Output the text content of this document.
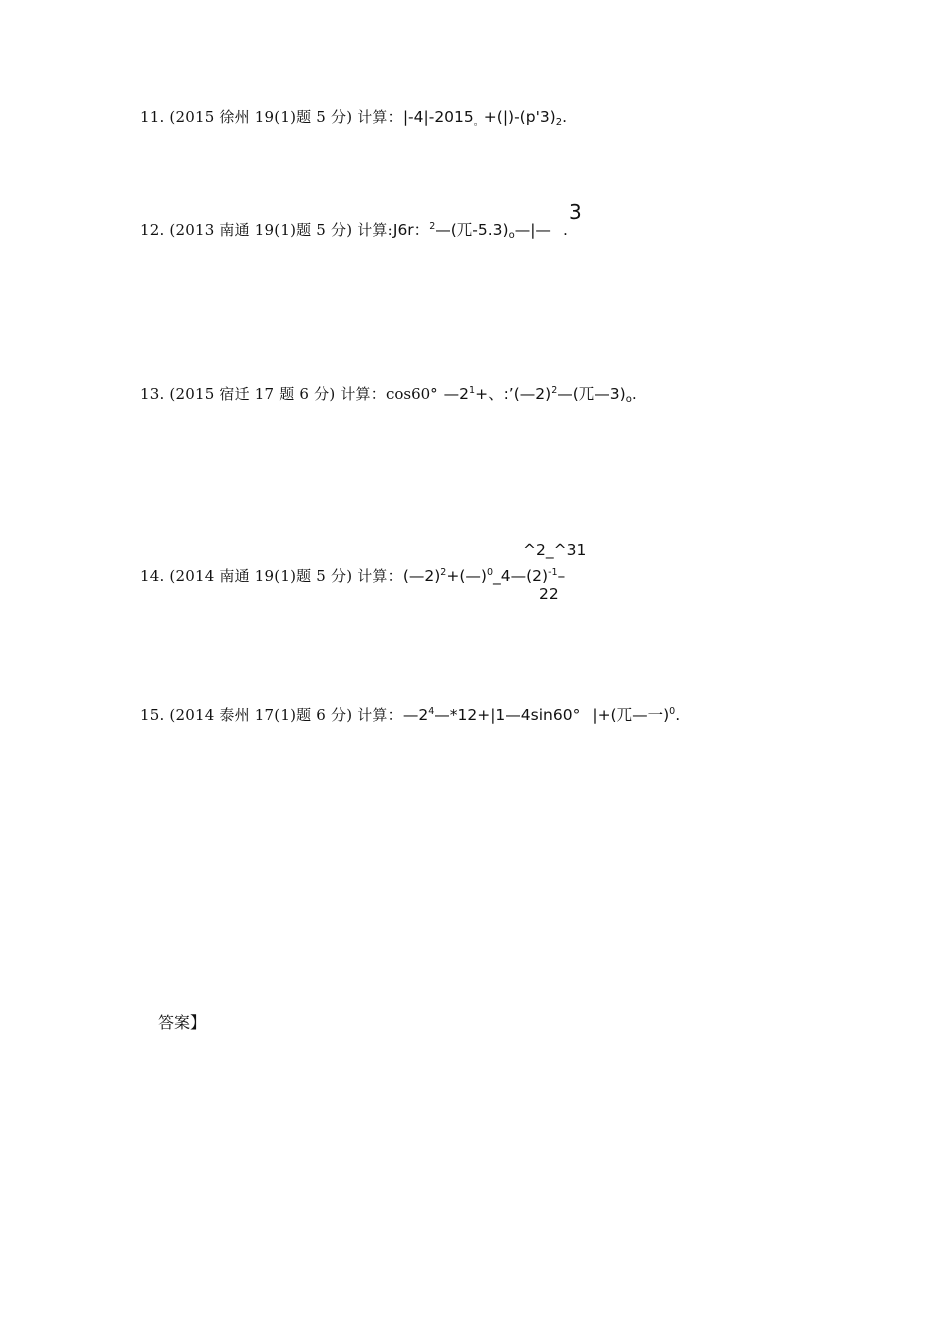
11. (2015 徐州 19(1)题 5 分) 计算：|-4|-2015。+(|)-(p'3)2.
3
12. (2013 南通 19(1)题 5 分) 计算:J6r：$^2$—(兀-5.3)o—|— .
13. (2015 宿迁 17 题 6 分) 计算：cos60° $—2^1+$、:’(—2)$^2$—(兀—3)o.
^2_^31
14. (2014 南通 19(1)题 5 分) 计算：$(—2)^2+(—)^0\_4—(2)^{-1}-$
22
15. (2014 泰州 17(1)题 6 分) 计算：$—2^4—*12+|1—4\sin 60^\circ$ |+(兀—一)$^0$.
答案】
